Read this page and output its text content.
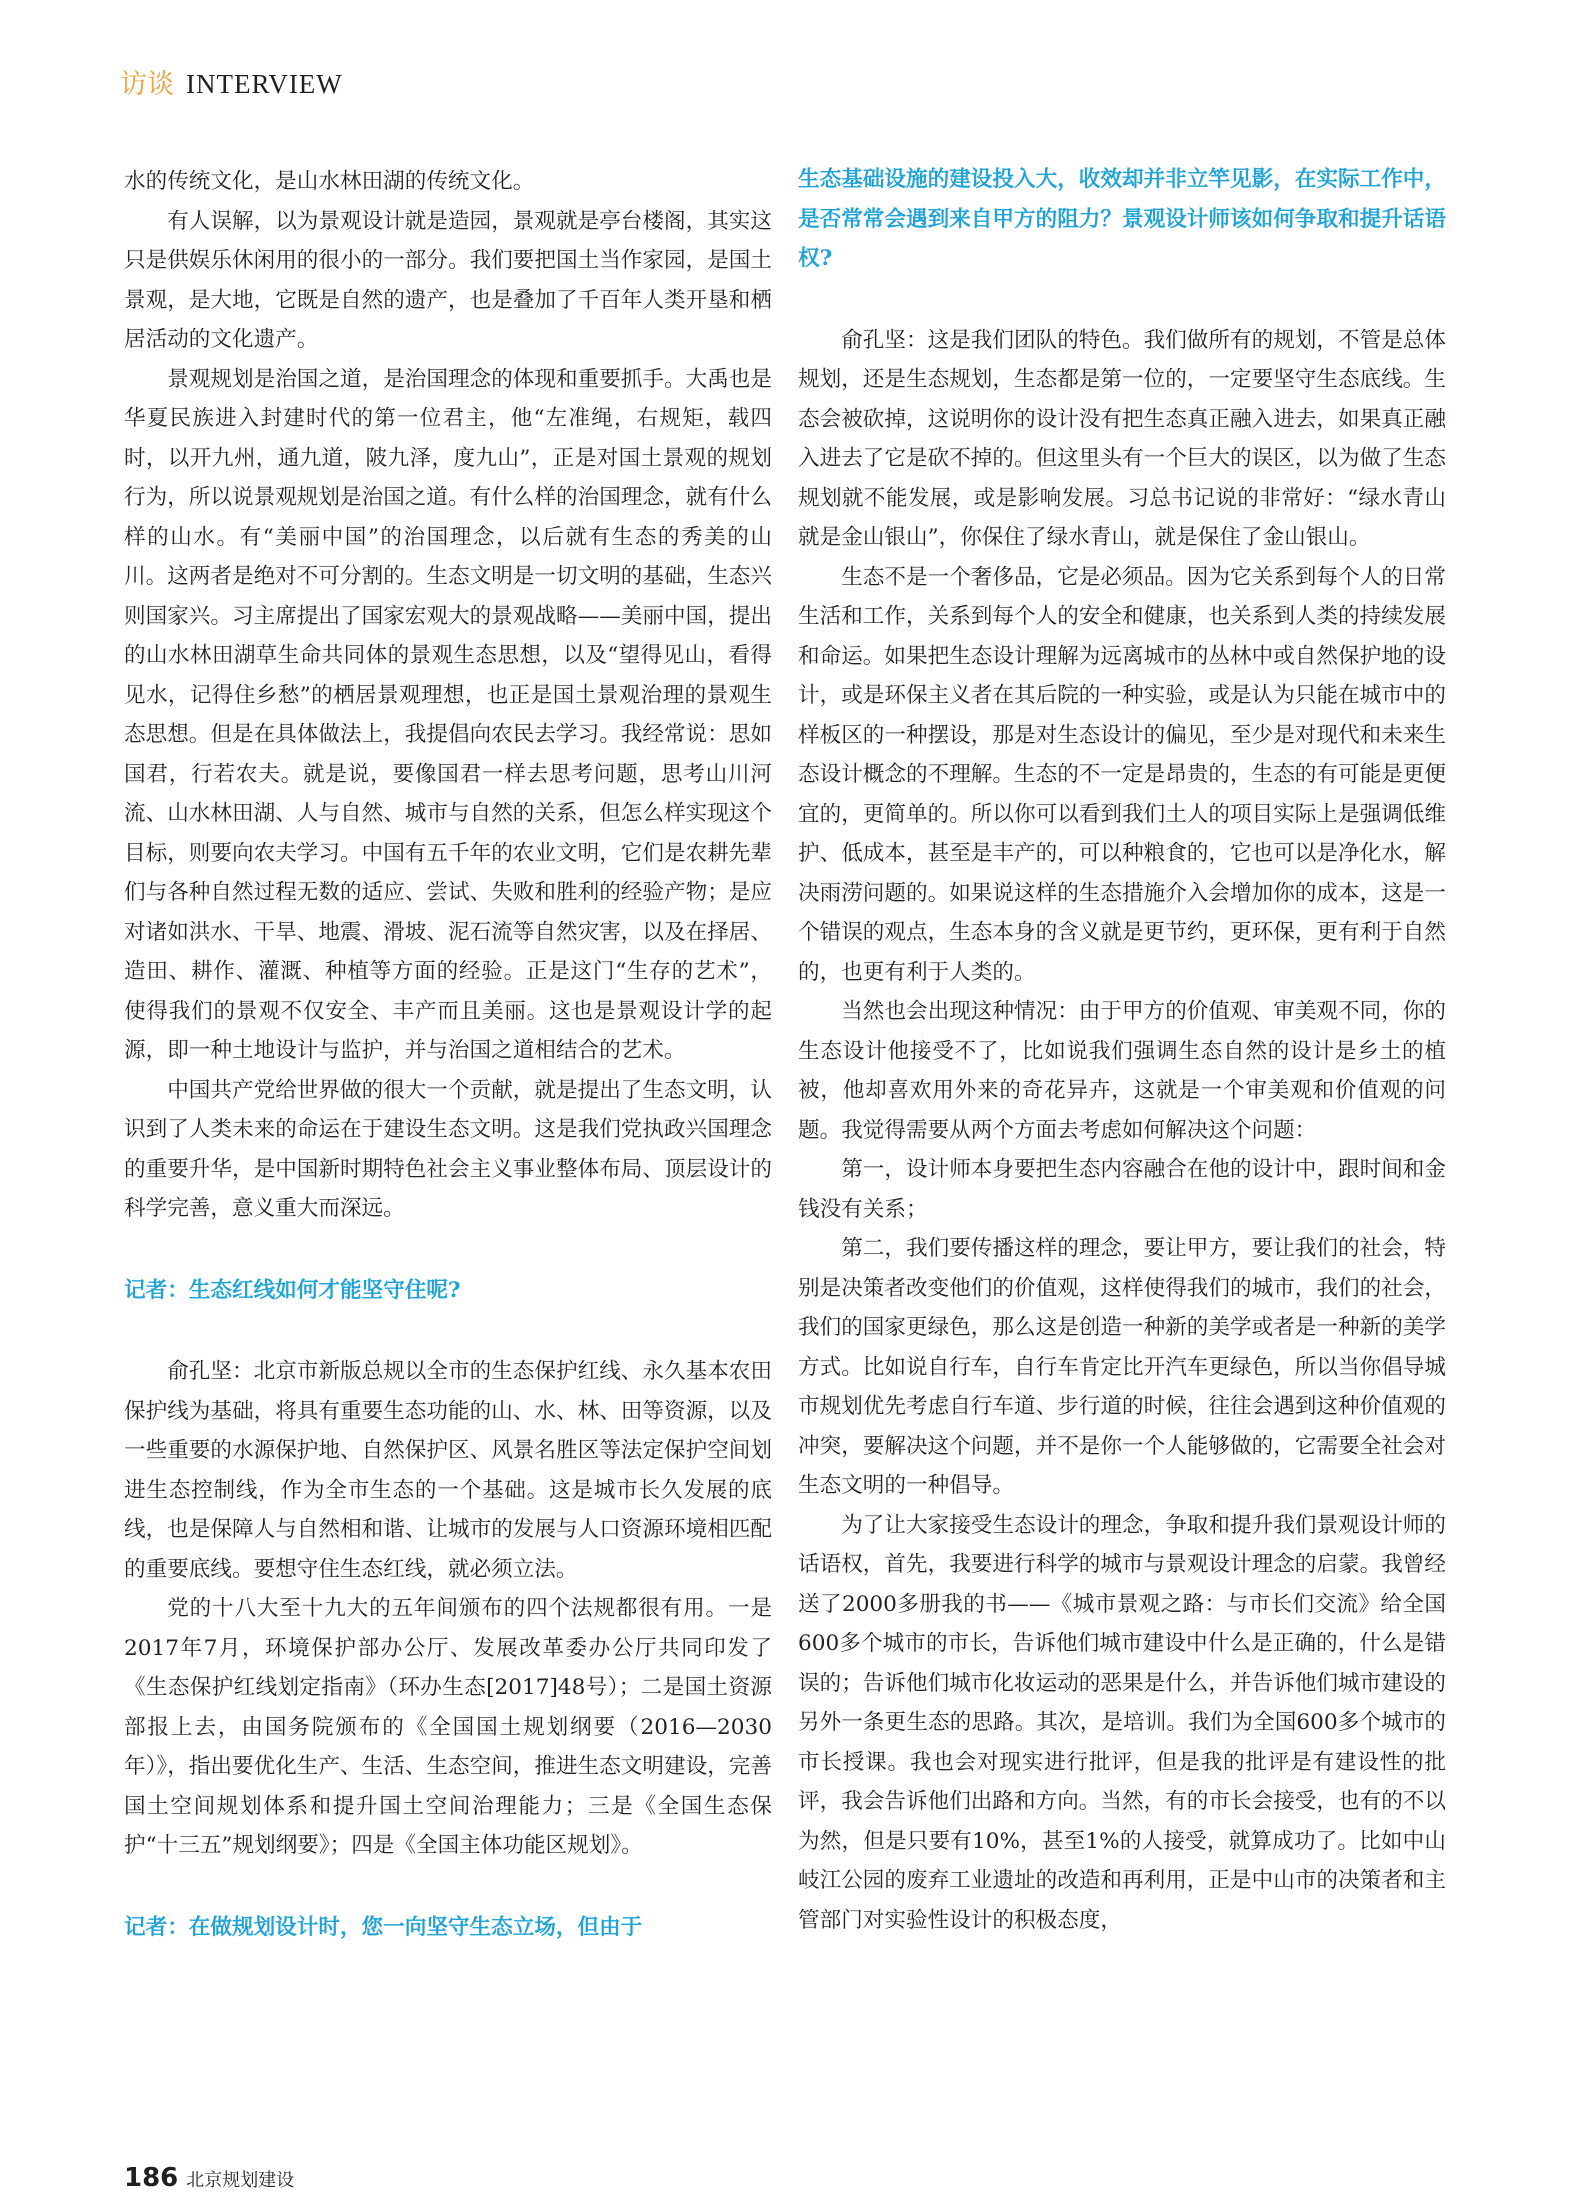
访谈 INTERVIEW

水的传统文化，是山水林田湖的传统文化。

有人误解，以为景观设计就是造园，景观就是亭台楼阁，其实这只是供娱乐休闲用的很小的一部分。我们要把国土当作家园，是国土景观，是大地，它既是自然的遗产，也是叠加了千百年人类开垦和栖居活动的文化遗产。

景观规划是治国之道，是治国理念的体现和重要抓手。大禹也是华夏民族进入封建时代的第一位君主，他“左准绳，右规矩，载四时，以开九州，通九道，陂九泽，度九山”，正是对国土景观的规划行为，所以说景观规划是治国之道。有什么样的治国理念，就有什么样的山水。有“美丽中国”的治国理念，以后就有生态的秀美的山川。这两者是绝对不可分割的。生态文明是一切文明的基础，生态兴则国家兴。习主席提出了国家宏观大的景观战略——美丽中国，提出的山水林田湖草生命共同体的景观生态思想，以及“望得见山，看得见水，记得住乡愁”的栖居景观理想，也正是国土景观治理的景观生态思想。但是在具体做法上，我提倡向农民去学习。我经常说：思如国君，行若农夫。就是说，要像国君一样去思考问题，思考山川河流、山水林田湖、人与自然、城市与自然的关系，但怎么样实现这个目标，则要向农夫学习。中国有五千年的农业文明，它们是农耕先辈们与各种自然过程无数的适应、尝试、失败和胜利的经验产物；是应对诸如洪水、干旱、地震、滑坡、泥石流等自然灾害，以及在择居、造田、耕作、灌溉、种植等方面的经验。正是这门“生存的艺术”，使得我们的景观不仅安全、丰产而且美丽。这也是景观设计学的起源，即一种土地设计与监护，并与治国之道相结合的艺术。

中国共产党给世界做的很大一个贡献，就是提出了生态文明，认识到了人类未来的命运在于建设生态文明。这是我们党执政兴国理念的重要升华，是中国新时期特色社会主义事业整体布局、顶层设计的科学完善，意义重大而深远。

记者：生态红线如何才能坚守住呢?

俞孔坚：北京市新版总规以全市的生态保护红线、永久基本农田保护线为基础，将具有重要生态功能的山、水、林、田等资源，以及一些重要的水源保护地、自然保护区、风景名胜区等法定保护空间划进生态控制线，作为全市生态的一个基础。这是城市长久发展的底线，也是保障人与自然相和谐、让城市的发展与人口资源环境相匹配的重要底线。要想守住生态红线，就必须立法。

党的十八大至十九大的五年间颁布的四个法规都很有用。一是2017年7月，环境保护部办公厅、发展改革委办公厅共同印发了《生态保护红线划定指南》（环办生态[2017]48号）；二是国土资源部报上去，由国务院颁布的《全国国土规划纲要（2016—2030年）》，指出要优化生产、生活、生态空间，推进生态文明建设，完善国土空间规划体系和提升国土空间治理能力；三是《全国生态保护“十三五”规划纲要》；四是《全国主体功能区规划》。

记者：在做规划设计时，您一向坚守生态立场，但由于

生态基础设施的建设投入大，收效却并非立竿见影，在实际工作中，是否常常会遇到来自甲方的阻力？景观设计师该如何争取和提升话语权?

俞孔坚：这是我们团队的特色。我们做所有的规划，不管是总体规划，还是生态规划，生态都是第一位的，一定要坚守生态底线。生态会被砍掉，这说明你的设计没有把生态真正融入进去，如果真正融入进去了它是砍不掉的。但这里头有一个巨大的误区，以为做了生态规划就不能发展，或是影响发展。习总书记说的非常好：“绿水青山就是金山银山”，你保住了绿水青山，就是保住了金山银山。

生态不是一个奢侈品，它是必须品。因为它关系到每个人的日常生活和工作，关系到每个人的安全和健康，也关系到人类的持续发展和命运。如果把生态设计理解为远离城市的丛林中或自然保护地的设计，或是环保主义者在其后院的一种实验，或是认为只能在城市中的样板区的一种摆设，那是对生态设计的偏见，至少是对现代和未来生态设计概念的不理解。生态的不一定是昂贵的，生态的有可能是更便宜的，更简单的。所以你可以看到我们土人的项目实际上是强调低维护、低成本，甚至是丰产的，可以种粮食的，它也可以是净化水，解决雨涝问题的。如果说这样的生态措施介入会增加你的成本，这是一个错误的观点，生态本身的含义就是更节约，更环保，更有利于自然的，也更有利于人类的。

当然也会出现这种情况：由于甲方的价值观、审美观不同，你的生态设计他接受不了，比如说我们强调生态自然的设计是乡土的植被，他却喜欢用外来的奇花异卉，这就是一个审美观和价值观的问题。我觉得需要从两个方面去考虑如何解决这个问题：

第一，设计师本身要把生态内容融合在他的设计中，跟时间和金钱没有关系；

第二，我们要传播这样的理念，要让甲方，要让我们的社会，特别是决策者改变他们的价值观，这样使得我们的城市，我们的社会，我们的国家更绿色，那么这是创造一种新的美学或者是一种新的美学方式。比如说自行车，自行车肯定比开汽车更绿色，所以当你倡导城市规划优先考虑自行车道、步行道的时候，往往会遇到这种价值观的冲突，要解决这个问题，并不是你一个人能够做的，它需要全社会对生态文明的一种倡导。

为了让大家接受生态设计的理念，争取和提升我们景观设计师的话语权，首先，我要进行科学的城市与景观设计理念的启蒙。我曾经送了2000多册我的书——《城市景观之路：与市长们交流》给全国600多个城市的市长，告诉他们城市建设中什么是正确的，什么是错误的；告诉他们城市化妆运动的恶果是什么，并告诉他们城市建设的另外一条更生态的思路。其次，是培训。我们为全国600多个城市的市长授课。我也会对现实进行批评，但是我的批评是有建设性的批评，我会告诉他们出路和方向。当然，有的市长会接受，也有的不以为然，但是只要有10%，甚至1%的人接受，就算成功了。比如中山岐江公园的废弃工业遗址的改造和再利用，正是中山市的决策者和主管部门对实验性设计的积极态度，

186 北京规划建设
